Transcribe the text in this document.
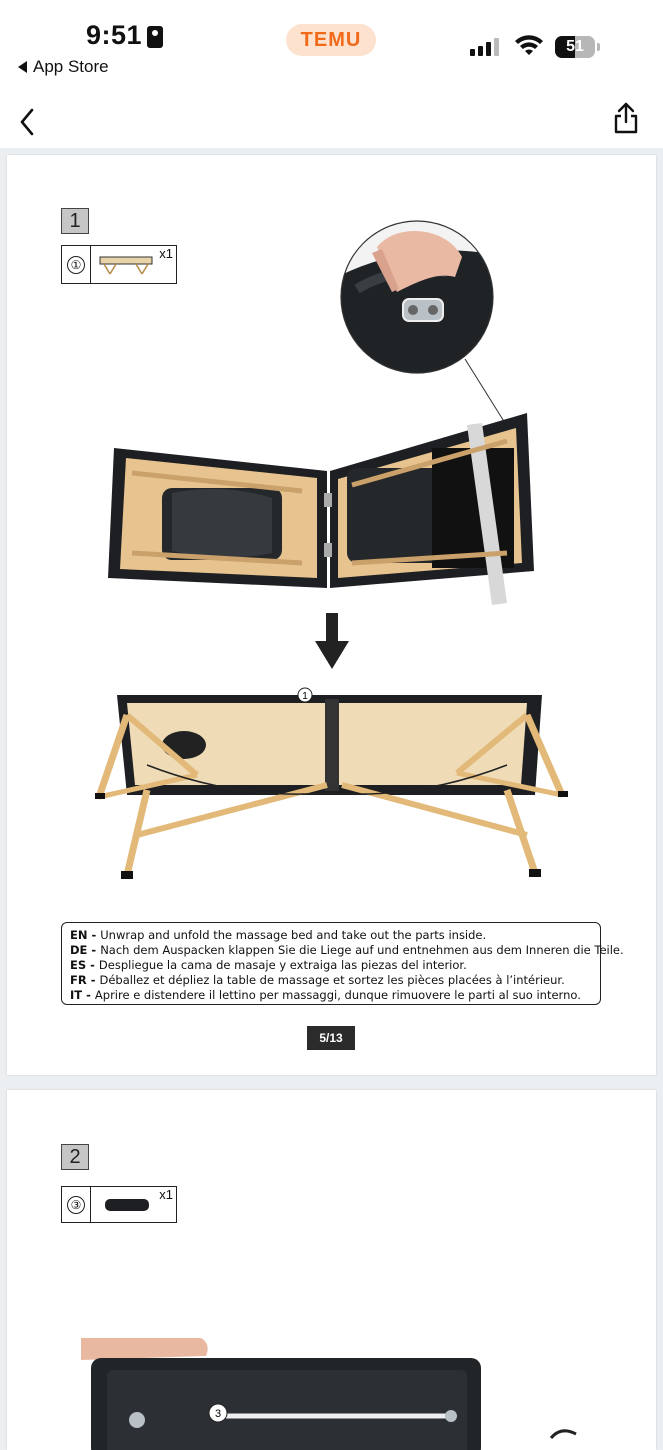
9:51
App Store
TEMU	51
1
①
x1
1
EN - Unwrap and unfold the massage bed and take out the parts inside.
DE - Nach dem Auspacken klappen Sie die Liege auf und entnehmen aus dem Inneren die Teile.
ES - Despliegue la cama de masaje y extraiga las piezas del interior.
FR - Déballez et dépliez la table de massage et sortez les pièces placées à l’intérieur.
IT - Aprire e distendere il lettino per massaggi, dunque rimuovere le parti al suo interno.
5/13
2
③
x1
3
